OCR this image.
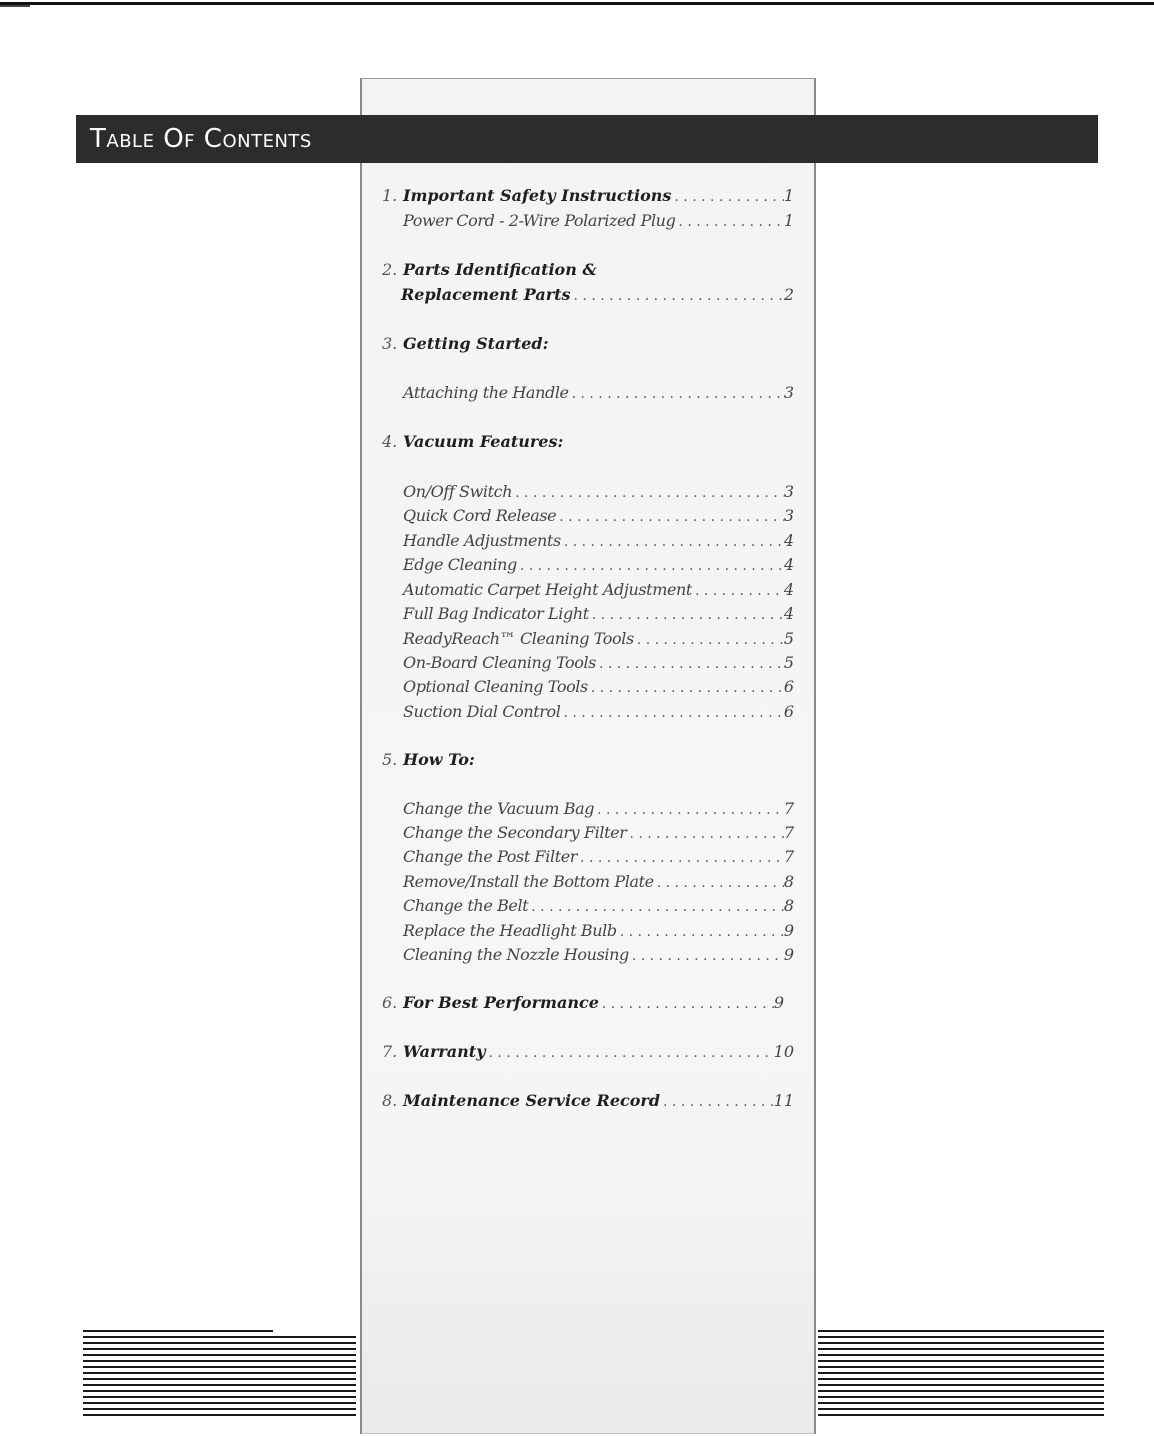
Table Of Contents
1. Important Safety Instructions . . .	1
Power Cord - 2-Wire Polarized Plug . . .	1
2. Parts Identification &
Replacement Parts . . .	2
3. Getting Started:
Attaching the Handle . . .	3
4. Vacuum Features:
On/Off Switch . . .	3
Quick Cord Release . . .	3
Handle Adjustments . . .	4
Edge Cleaning . . .	4
Automatic Carpet Height Adjustment . . .	4
Full Bag Indicator Light . . .	4
ReadyReach™ Cleaning Tools . . .	5
On-Board Cleaning Tools . . .	5
Optional Cleaning Tools . . .	6
Suction Dial Control . . .	6
5. How To:
Change the Vacuum Bag . . .	7
Change the Secondary Filter . . .	7
Change the Post Filter . . .	7
Remove/Install the Bottom Plate . . .	8
Change the Belt . . .	8
Replace the Headlight Bulb . . .	9
Cleaning the Nozzle Housing . . .	9
6. For Best Performance . . .	9
7. Warranty . . .	10
8. Maintenance Service Record . . .	11
